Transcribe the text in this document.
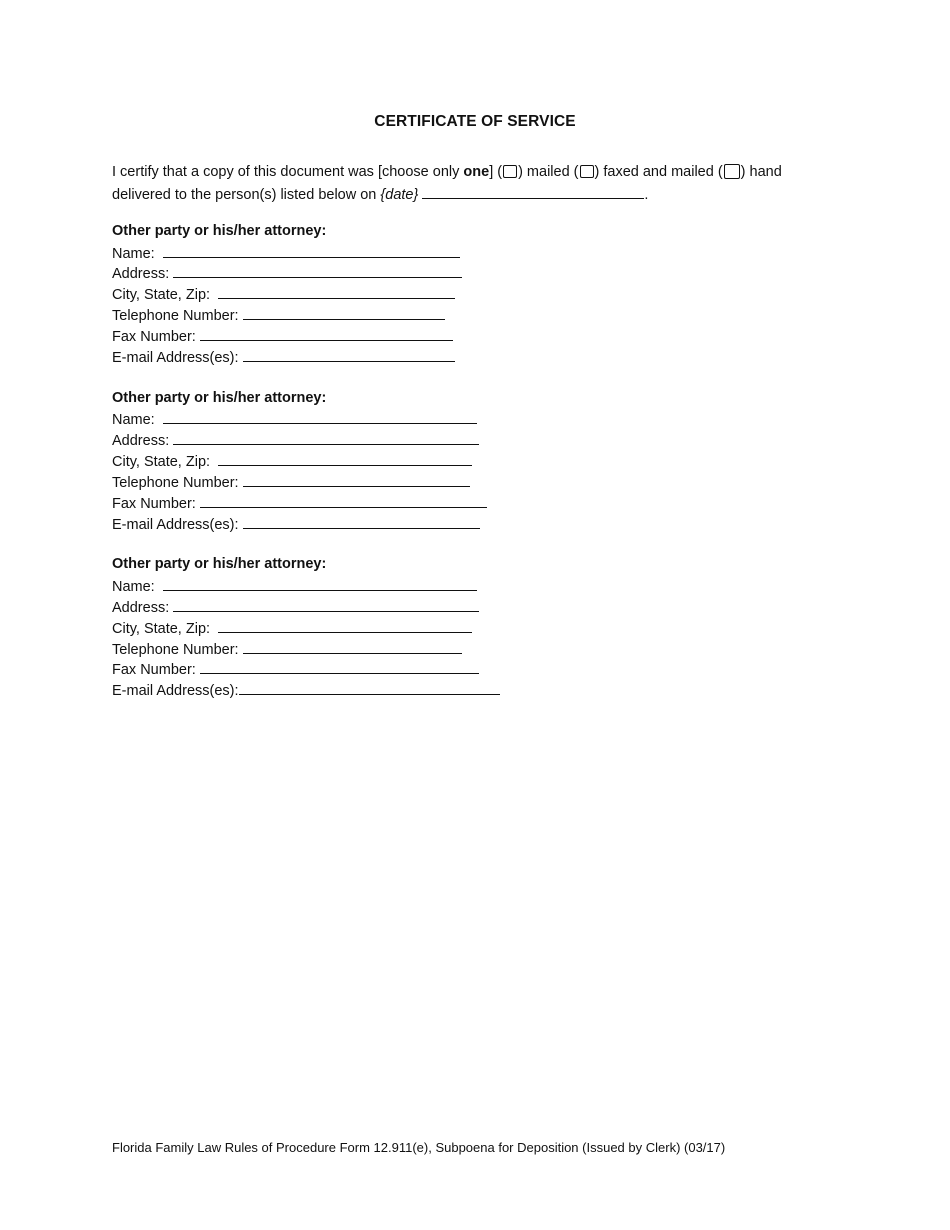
CERTIFICATE OF SERVICE
I certify that a copy of this document was [choose only one] ( ) mailed ( ) faxed and mailed ( ) hand
delivered to the person(s) listed below on {date}	.
Other party or his/her attorney:
Name:
Address:
City, State, Zip:
Telephone Number:
Fax Number:
E-mail Address(es):
Other party or his/her attorney:
Name:
Address:
City, State, Zip:
Telephone Number:
Fax Number:
E-mail Address(es):
Other party or his/her attorney:
Name:
Address:
City, State, Zip:
Telephone Number:
Fax Number:
E-mail Address(es):
Florida Family Law Rules of Procedure Form 12.911(e), Subpoena for Deposition (Issued by Clerk) (03/17)
